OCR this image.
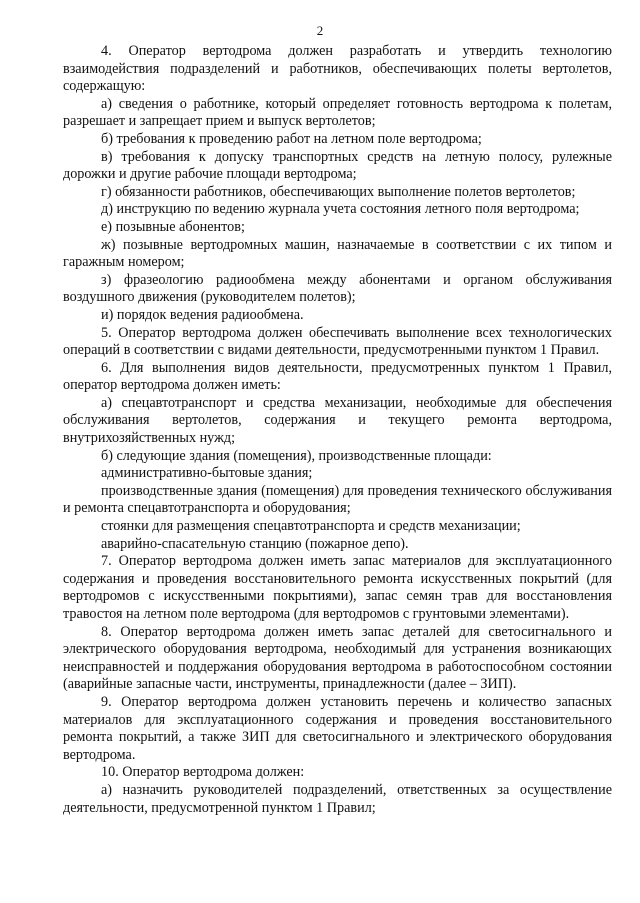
2

4. Оператор вертодрома должен разработать и утвердить технологию взаимодействия подразделений и работников, обеспечивающих полеты вертолетов, содержащую:

а) сведения о работнике, который определяет готовность вертодрома к полетам, разрешает и запрещает прием и выпуск вертолетов;

б) требования к проведению работ на летном поле вертодрома;

в) требования к допуску транспортных средств на летную полосу, рулежные дорожки и другие рабочие площади вертодрома;

г) обязанности работников, обеспечивающих выполнение полетов вертолетов;

д) инструкцию по ведению журнала учета состояния летного поля вертодрома;

е) позывные абонентов;

ж) позывные вертодромных машин, назначаемые в соответствии с их типом и гаражным номером;

з) фразеологию радиообмена между абонентами и органом обслуживания воздушного движения (руководителем полетов);

и) порядок ведения радиообмена.

5. Оператор вертодрома должен обеспечивать выполнение всех технологических операций в соответствии с видами деятельности, предусмотренными пунктом 1 Правил.

6. Для выполнения видов деятельности, предусмотренных пунктом 1 Правил, оператор вертодрома должен иметь:

а) спецавтотранспорт и средства механизации, необходимые для обеспечения обслуживания вертолетов, содержания и текущего ремонта вертодрома, внутрихозяйственных нужд;

б) следующие здания (помещения), производственные площади:

административно-бытовые здания;

производственные здания (помещения) для проведения технического обслуживания и ремонта спецавтотранспорта и оборудования;

стоянки для размещения спецавтотранспорта и средств механизации;

аварийно-спасательную станцию (пожарное депо).

7. Оператор вертодрома должен иметь запас материалов для эксплуатационного содержания и проведения восстановительного ремонта искусственных покрытий (для вертодромов с искусственными покрытиями), запас семян трав для восстановления травостоя на летном поле вертодрома (для вертодромов с грунтовыми элементами).

8. Оператор вертодрома должен иметь запас деталей для светосигнального и электрического оборудования вертодрома, необходимый для устранения возникающих неисправностей и поддержания оборудования вертодрома в работоспособном состоянии (аварийные запасные части, инструменты, принадлежности (далее – ЗИП).

9. Оператор вертодрома должен установить перечень и количество запасных материалов для эксплуатационного содержания и проведения восстановительного ремонта покрытий, а также ЗИП для светосигнального и электрического оборудования вертодрома.

10. Оператор вертодрома должен:

а) назначить руководителей подразделений, ответственных за осуществление деятельности, предусмотренной пунктом 1 Правил;
